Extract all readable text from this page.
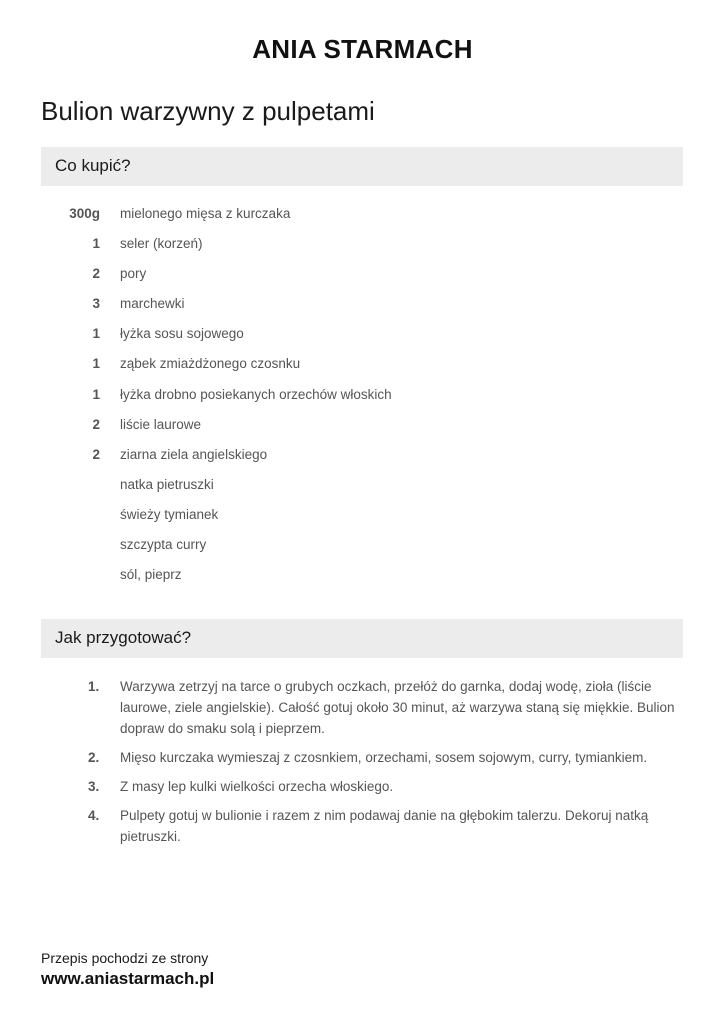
ANIA STARMACH
Bulion warzywny z pulpetami
Co kupić?
300g mielonego mięsa z kurczaka
1 seler (korzeń)
2 pory
3 marchewki
1 łyżka sosu sojowego
1 ząbek zmiażdżonego czosnku
1 łyżka drobno posiekanych orzechów włoskich
2 liście laurowe
2 ziarna ziela angielskiego
natka pietruszki
świeży tymianek
szczypta curry
sól, pieprz
Jak przygotować?
1. Warzywa zetrzyj na tarce o grubych oczkach, przełóż do garnka, dodaj wodę, zioła (liście laurowe, ziele angielskie). Całość gotuj około 30 minut, aż warzywa staną się miękkie. Bulion dopraw do smaku solą i pieprzem.
2. Mięso kurczaka wymieszaj z czosnkiem, orzechami, sosem sojowym, curry, tymiankiem.
3. Z masy lep kulki wielkości orzecha włoskiego.
4. Pulpety gotuj w bulionie i razem z nim podawaj danie na głębokim talerzu. Dekoruj natką pietruszki.
Przepis pochodzi ze strony
www.aniastarmach.pl
